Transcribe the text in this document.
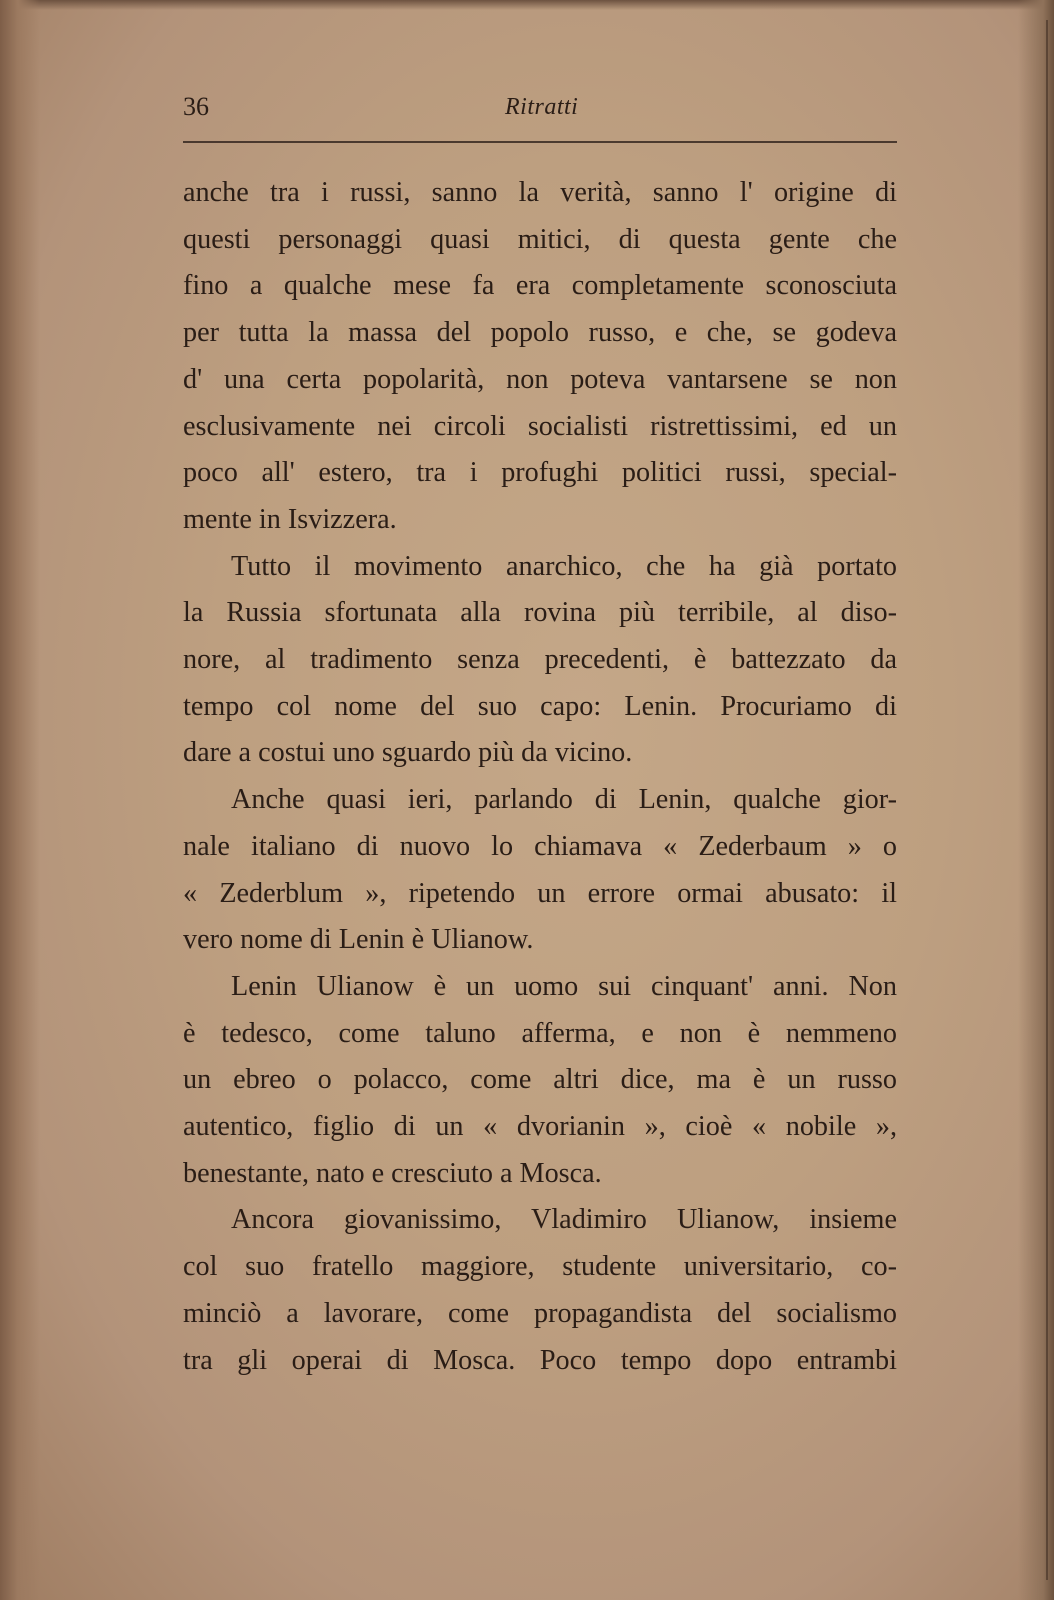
36	Ritratti

anche tra i russi, sanno la verità, sanno l' origine di

questi personaggi quasi mitici, di questa gente che

fino a qualche mese fa era completamente sconosciuta

per tutta la massa del popolo russo, e che, se godeva

d' una certa popolarità, non poteva vantarsene se non

esclusivamente nei circoli socialisti ristrettissimi, ed un

poco all' estero, tra i profughi politici russi, special-

mente in Isvizzera.

Tutto il movimento anarchico, che ha già portato

la Russia sfortunata alla rovina più terribile, al diso-

nore, al tradimento senza precedenti, è battezzato da

tempo col nome del suo capo: Lenin. Procuriamo di

dare a costui uno sguardo più da vicino.

Anche quasi ieri, parlando di Lenin, qualche gior-

nale italiano di nuovo lo chiamava « Zederbaum » o

« Zederblum », ripetendo un errore ormai abusato: il

vero nome di Lenin è Ulianow.

Lenin Ulianow è un uomo sui cinquant' anni. Non

è tedesco, come taluno afferma, e non è nemmeno

un ebreo o polacco, come altri dice, ma è un russo

autentico, figlio di un « dvorianin », cioè « nobile »,

benestante, nato e cresciuto a Mosca.

Ancora giovanissimo, Vladimiro Ulianow, insieme

col suo fratello maggiore, studente universitario, co-

minciò a lavorare, come propagandista del socialismo

tra gli operai di Mosca. Poco tempo dopo entrambi
